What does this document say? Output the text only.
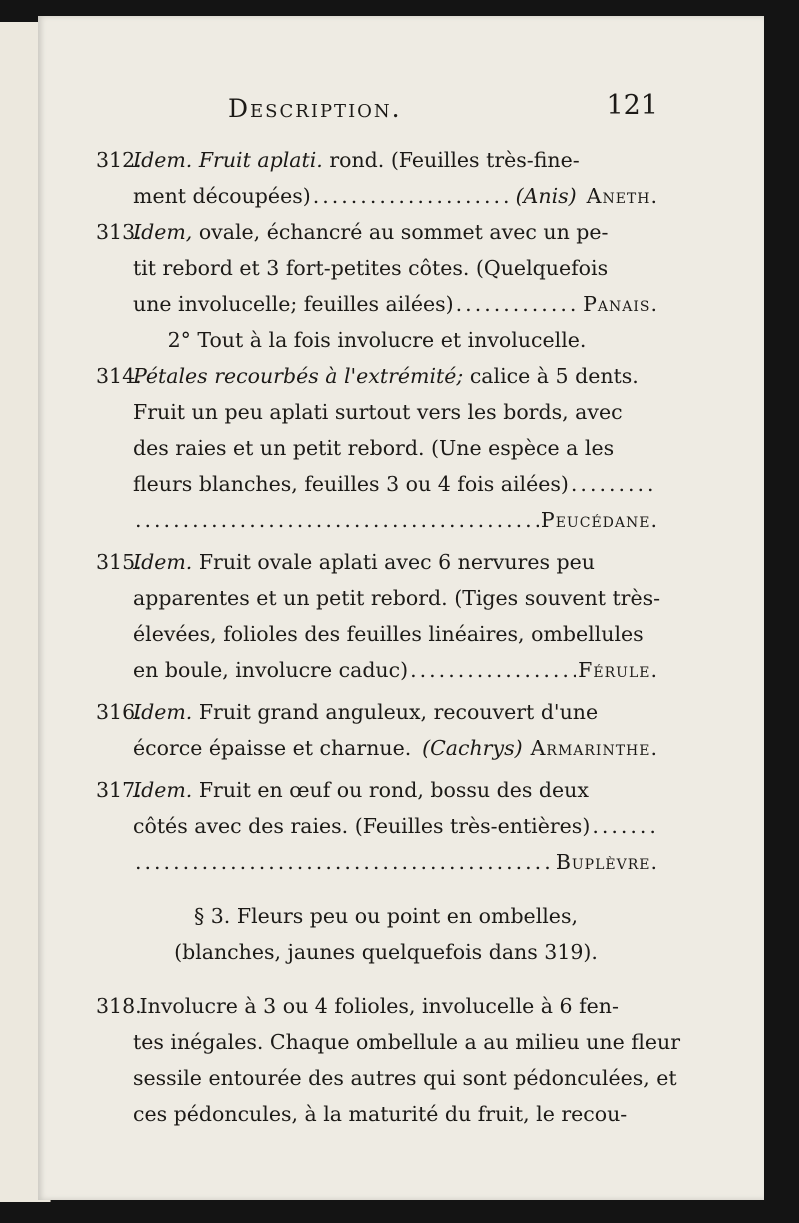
Description.	121
312.
Idem. Fruit aplati. rond. (Feuilles très-fine-
ment découpées) .....	(Anis) Aneth.
313.
Idem, ovale, échancré au sommet avec un pe-
tit rebord et 3 fort-petites côtes. (Quelquefois
une involucelle; feuilles ailées) .....	Panais.
2° Tout à la fois involucre et involucelle.
314.
Pétales recourbés à l'extrémité; calice à 5 dents.
Fruit un peu aplati surtout vers les bords, avec
des raies et un petit rebord. (Une espèce a les
fleurs blanches, feuilles 3 ou 4 fois ailées)
.....
.....
Peucédane.
315.
Idem. Fruit ovale aplati avec 6 nervures peu
apparentes et un petit rebord. (Tiges souvent très-
élevées, folioles des feuilles linéaires, ombellules
en boule, involucre caduc) .....	Férule.
316.
Idem. Fruit grand anguleux, recouvert d'une
écorce épaisse et charnue. (Cachrys) Armarinthe.
317.
Idem. Fruit en œuf ou rond, bossu des deux
côtés avec des raies. (Feuilles très-entières)
.....
.....
Buplèvre.
§ 3. Fleurs peu ou point en ombelles,
(blanches, jaunes quelquefois dans 319).
318.
Involucre à 3 ou 4 folioles, involucelle à 6 fen-
tes inégales. Chaque ombellule a au milieu une fleur
sessile entourée des autres qui sont pédonculées, et
ces pédoncules, à la maturité du fruit, le recou-
